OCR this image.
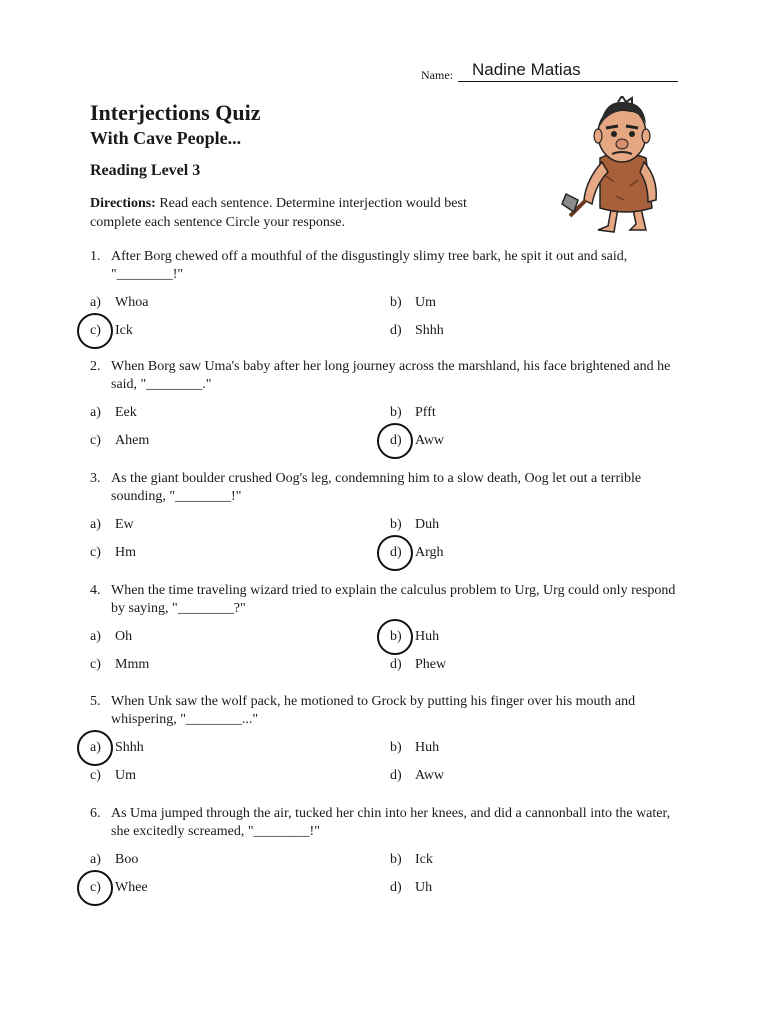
Name: Nadine Matias
Interjections Quiz
With Cave People...
Reading Level 3
Directions: Read each sentence. Determine interjection would best complete each sentence Circle your response.
1. After Borg chewed off a mouthful of the disgustingly slimy tree bark, he spit it out and said, "________!"
a) Whoa	b) Um
c) Ick	d) Shhh
2. When Borg saw Uma's baby after her long journey across the marshland, his face brightened and he said, "________."
a) Eek	b) Pfft
c) Ahem	d) Aww
3. As the giant boulder crushed Oog's leg, condemning him to a slow death, Oog let out a terrible sounding, "________!"
a) Ew	b) Duh
c) Hm	d) Argh
4. When the time traveling wizard tried to explain the calculus problem to Urg, Urg could only respond by saying, "________?"
a) Oh	b) Huh
c) Mmm	d) Phew
5. When Unk saw the wolf pack, he motioned to Grock by putting his finger over his mouth and whispering, "________..."
a) Shhh	b) Huh
c) Um	d) Aww
6. As Uma jumped through the air, tucked her chin into her knees, and did a cannonball into the water, she excitedly screamed, "________!"
a) Boo	b) Ick
c) Whee	d) Uh
